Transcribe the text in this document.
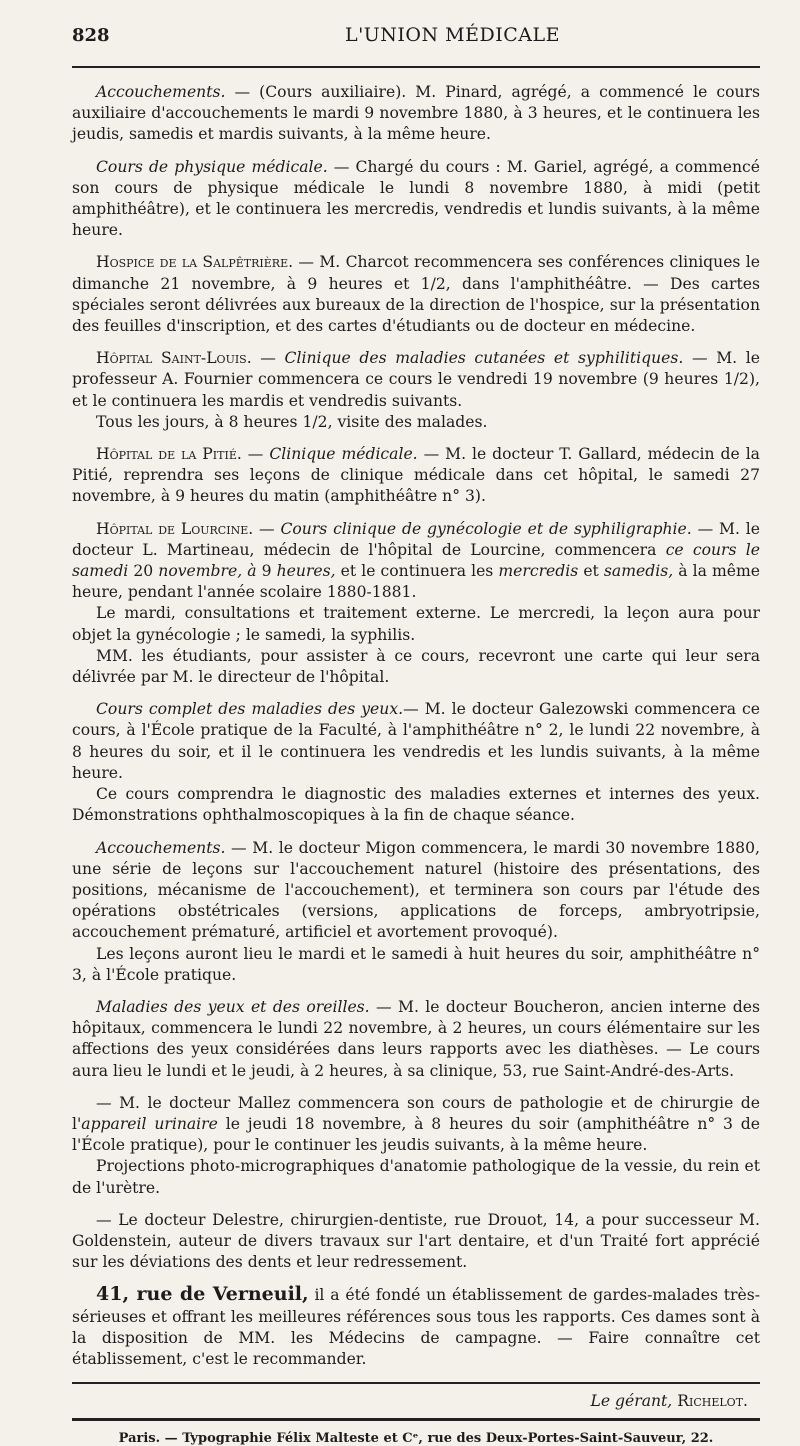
828	L'UNION MÉDICALE

Accouchements. — (Cours auxiliaire). M. Pinard, agrégé, a commencé le cours auxiliaire d'accouchements le mardi 9 novembre 1880, à 3 heures, et le continuera les jeudis, samedis et mardis suivants, à la même heure.

Cours de physique médicale. — Chargé du cours : M. Gariel, agrégé, a commencé son cours de physique médicale le lundi 8 novembre 1880, à midi (petit amphithéâtre), et le continuera les mercredis, vendredis et lundis suivants, à la même heure.

Hospice de la Salpêtrière. — M. Charcot recommencera ses conférences cliniques le dimanche 21 novembre, à 9 heures et 1/2, dans l'amphithéâtre. — Des cartes spéciales seront délivrées aux bureaux de la direction de l'hospice, sur la présentation des feuilles d'inscription, et des cartes d'étudiants ou de docteur en médecine.

Hôpital Saint-Louis. — Clinique des maladies cutanées et syphilitiques. — M. le professeur A. Fournier commencera ce cours le vendredi 19 novembre (9 heures 1/2), et le continuera les mardis et vendredis suivants.

Tous les jours, à 8 heures 1/2, visite des malades.

Hôpital de la Pitié. — Clinique médicale. — M. le docteur T. Gallard, médecin de la Pitié, reprendra ses leçons de clinique médicale dans cet hôpital, le samedi 27 novembre, à 9 heures du matin (amphithéâtre n° 3).

Hôpital de Lourcine. — Cours clinique de gynécologie et de syphiligraphie. — M. le docteur L. Martineau, médecin de l'hôpital de Lourcine, commencera ce cours le samedi 20 novembre, à 9 heures, et le continuera les mercredis et samedis, à la même heure, pendant l'année scolaire 1880-1881.

Le mardi, consultations et traitement externe. Le mercredi, la leçon aura pour objet la gynécologie ; le samedi, la syphilis.

MM. les étudiants, pour assister à ce cours, recevront une carte qui leur sera délivrée par M. le directeur de l'hôpital.

Cours complet des maladies des yeux.— M. le docteur Galezowski commencera ce cours, à l'École pratique de la Faculté, à l'amphithéâtre n° 2, le lundi 22 novembre, à 8 heures du soir, et il le continuera les vendredis et les lundis suivants, à la même heure.

Ce cours comprendra le diagnostic des maladies externes et internes des yeux. Démonstrations ophthalmoscopiques à la fin de chaque séance.

Accouchements. — M. le docteur Migon commencera, le mardi 30 novembre 1880, une série de leçons sur l'accouchement naturel (histoire des présentations, des positions, mécanisme de l'accouchement), et terminera son cours par l'étude des opérations obstétricales (versions, applications de forceps, ambryotripsie, accouchement prématuré, artificiel et avortement provoqué).

Les leçons auront lieu le mardi et le samedi à huit heures du soir, amphithéâtre n° 3, à l'École pratique.

Maladies des yeux et des oreilles. — M. le docteur Boucheron, ancien interne des hôpitaux, commencera le lundi 22 novembre, à 2 heures, un cours élémentaire sur les affections des yeux considérées dans leurs rapports avec les diathèses. — Le cours aura lieu le lundi et le jeudi, à 2 heures, à sa clinique, 53, rue Saint-André-des-Arts.

— M. le docteur Mallez commencera son cours de pathologie et de chirurgie de l'appareil urinaire le jeudi 18 novembre, à 8 heures du soir (amphithéâtre n° 3 de l'École pratique), pour le continuer les jeudis suivants, à la même heure.

Projections photo-micrographiques d'anatomie pathologique de la vessie, du rein et de l'urètre.

— Le docteur Delestre, chirurgien-dentiste, rue Drouot, 14, a pour successeur M. Goldenstein, auteur de divers travaux sur l'art dentaire, et d'un Traité fort apprécié sur les déviations des dents et leur redressement.

41, rue de Verneuil, il a été fondé un établissement de gardes-malades très-sérieuses et offrant les meilleures références sous tous les rapports. Ces dames sont à la disposition de MM. les Médecins de campagne. — Faire connaître cet établissement, c'est le recommander.

Le gérant, Richelot.
Paris. — Typographie Félix Malteste et Cᵉ, rue des Deux-Portes-Saint-Sauveur, 22.
